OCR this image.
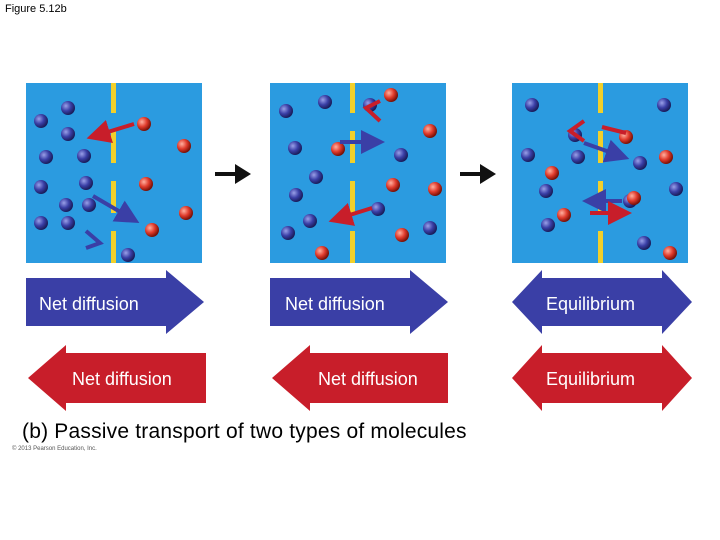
Figure 5.12b
Net diffusion	Net diffusion	Equilibrium
Net diffusion	Net diffusion	Equilibrium
(b) Passive transport of two types of molecules
© 2013 Pearson Education, Inc.
